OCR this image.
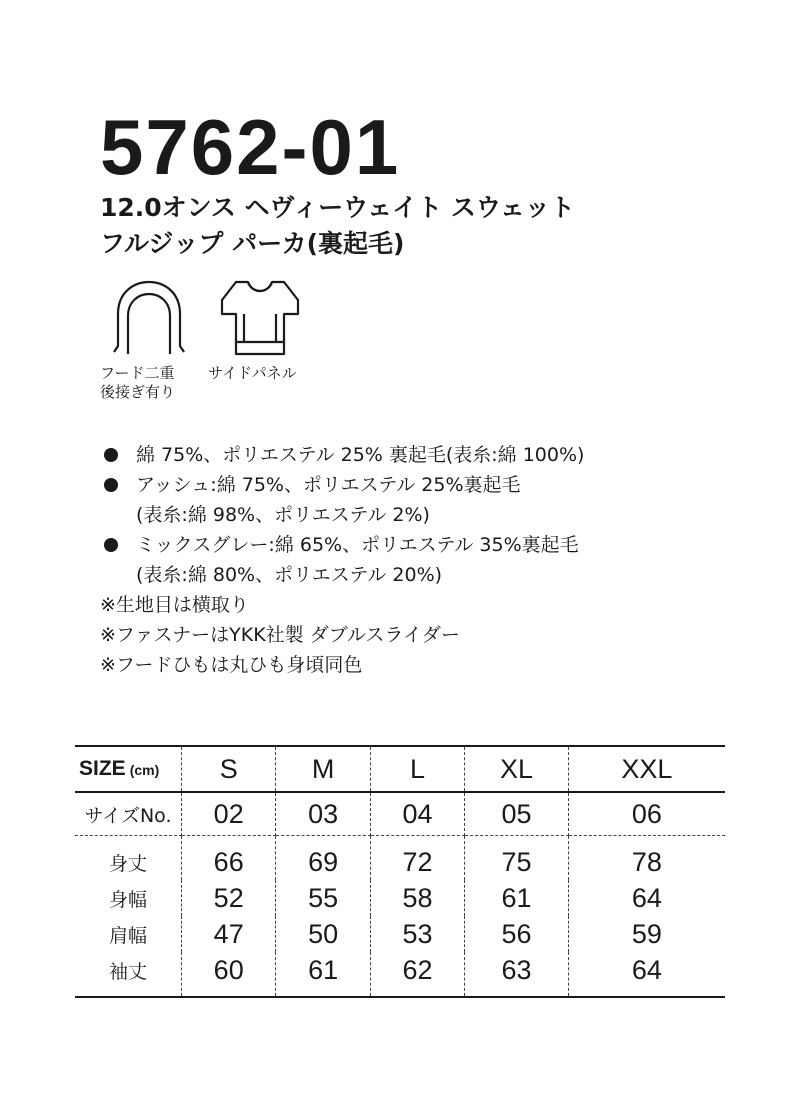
5762-01
12.0オンス ヘヴィーウェイト スウェット
フルジップ パーカ(裏起毛)
フード二重
後接ぎ有り
サイドパネル
綿 75%、ポリエステル 25% 裏起毛(表糸:綿 100%)
アッシュ:綿 75%、ポリエステル 25%裏起毛
(表糸:綿 98%、ポリエステル 2%)
ミックスグレー:綿 65%、ポリエステル 35%裏起毛
(表糸:綿 80%、ポリエステル 20%)
※生地目は横取り
※ファスナーはYKK社製 ダブルスライダー
※フードひもは丸ひも身頃同色
SIZE (cm)	S	M	L	XL	XXL
サイズNo.	02	03	04	05	06
身丈	66	69	72	75	78
身幅	52	55	58	61	64
肩幅	47	50	53	56	59
袖丈	60	61	62	63	64
